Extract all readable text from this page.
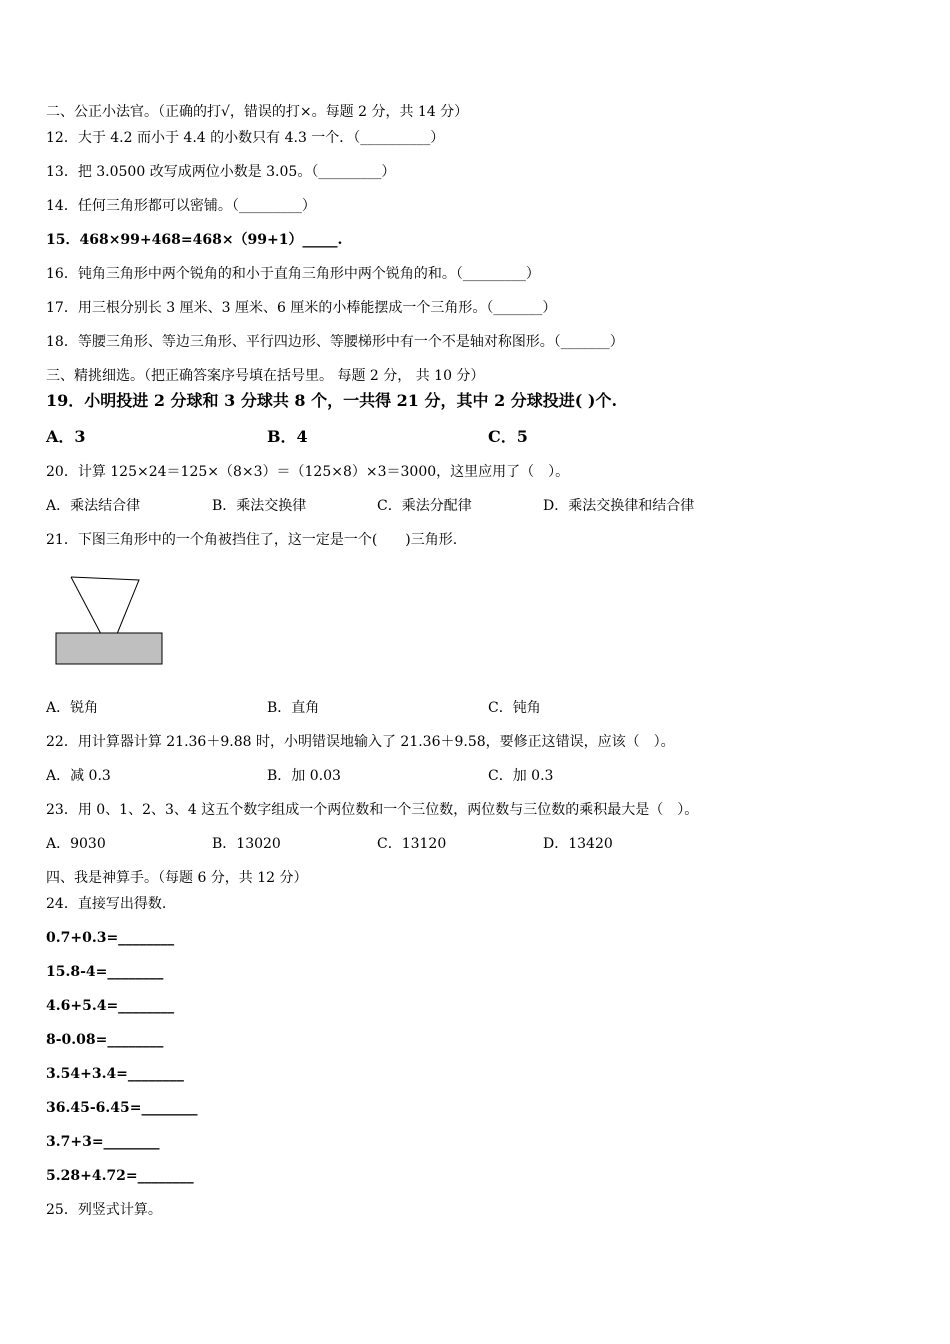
二、公正小法官。（正确的打√，错误的打×。每题 2 分，共 14 分）
12．大于 4.2 而小于 4.4 的小数只有 4.3 一个．（__________）
13．把 3.0500 改写成两位小数是 3.05。（_________）
14．任何三角形都可以密铺。（_________）
15．468×99+468=468×（99+1）_____.
16．钝角三角形中两个锐角的和小于直角三角形中两个锐角的和。（_________）
17．用三根分别长 3 厘米、3 厘米、6 厘米的小棒能摆成一个三角形。（_______）
18．等腰三角形、等边三角形、平行四边形、等腰梯形中有一个不是轴对称图形。（_______）
三、精挑细选。（把正确答案序号填在括号里。 每题 2 分， 共 10 分）
19．小明投进 2 分球和 3 分球共 8 个，一共得 21 分，其中 2 分球投进( )个.
A．3	B．4	C．5
20．计算 125×24＝125×（8×3）＝（125×8）×3＝3000，这里应用了（　）。
A．乘法结合律	B．乘法交换律	C．乘法分配律	D．乘法交换律和结合律
21．下图三角形中的一个角被挡住了，这一定是一个(　　)三角形.
A．锐角	B．直角	C．钝角
22．用计算器计算 21.36＋9.88 时，小明错误地输入了 21.36＋9.58，要修正这错误，应该（　）。
A．减 0.3	B．加 0.03	C．加 0.3
23．用 0、1、2、3、4 这五个数字组成一个两位数和一个三位数，两位数与三位数的乘积最大是（　）。
A．9030	B．13020	C．13120	D．13420
四、我是神算手。（每题 6 分，共 12 分）
24．直接写出得数.
0.7+0.3=________
15.8-4=________
4.6+5.4=________
8-0.08=________
3.54+3.4=________
36.45-6.45=________
3.7+3=________
5.28+4.72=________
25．列竖式计算。
